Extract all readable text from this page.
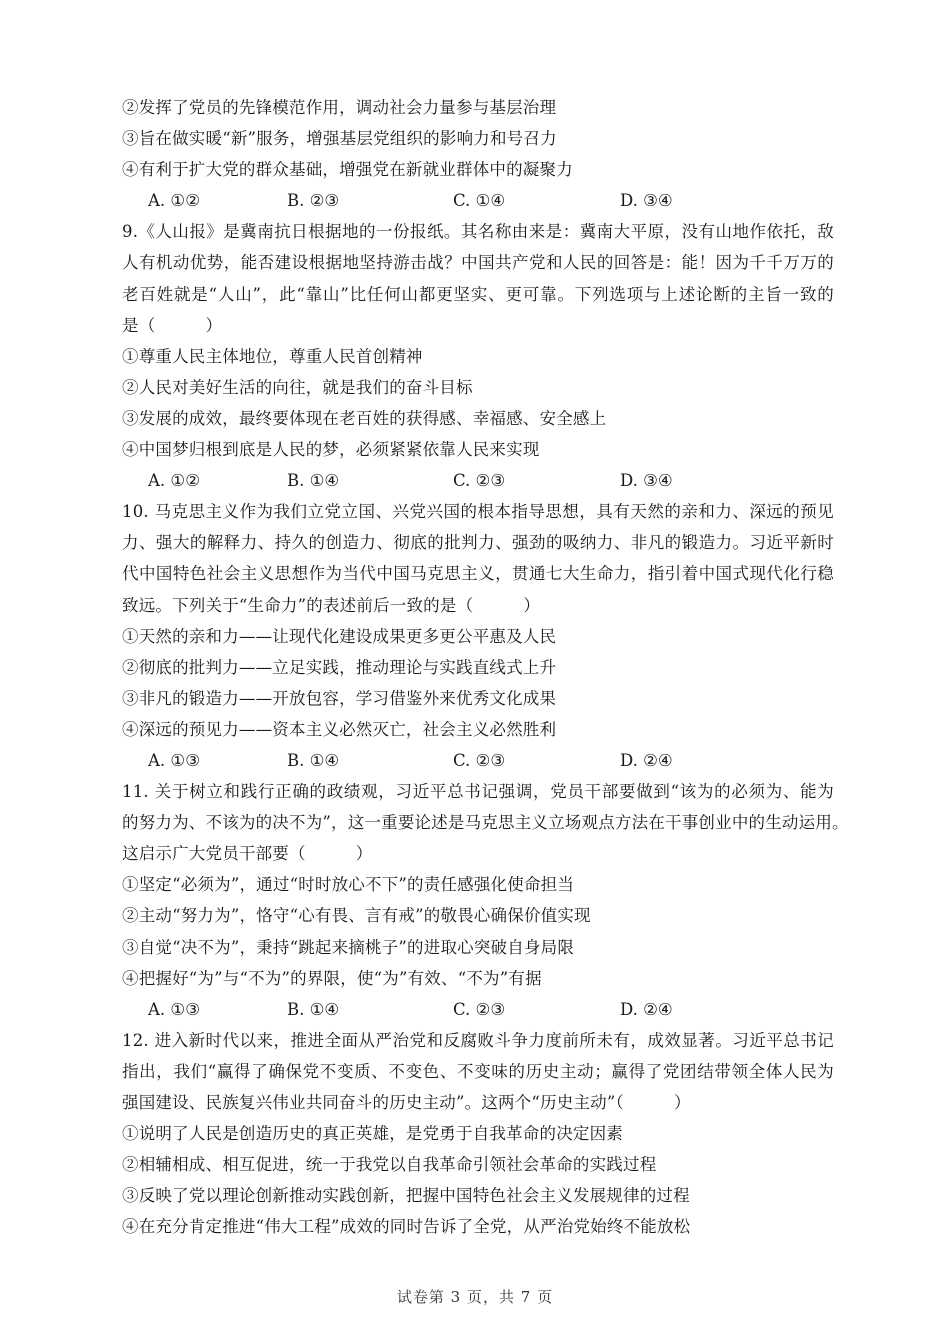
②发挥了党员的先锋模范作用，调动社会力量参与基层治理
③旨在做实暖“新”服务，增强基层党组织的影响力和号召力
④有利于扩大党的群众基础，增强党在新就业群体中的凝聚力
A. ①②	B. ②③	C. ①④	D. ③④
9.《人山报》是冀南抗日根据地的一份报纸。其名称由来是：冀南大平原，没有山地作依托，敌
人有机动优势，能否建设根据地坚持游击战？中国共产党和人民的回答是：能！因为千千万万的
老百姓就是“人山”，此“靠山”比任何山都更坚实、更可靠。下列选项与上述论断的主旨一致的
是（　　　）
①尊重人民主体地位，尊重人民首创精神
②人民对美好生活的向往，就是我们的奋斗目标
③发展的成效，最终要体现在老百姓的获得感、幸福感、安全感上
④中国梦归根到底是人民的梦，必须紧紧依靠人民来实现
A. ①②	B. ①④	C. ②③	D. ③④
10. 马克思主义作为我们立党立国、兴党兴国的根本指导思想，具有天然的亲和力、深远的预见
力、强大的解释力、持久的创造力、彻底的批判力、强劲的吸纳力、非凡的锻造力。习近平新时
代中国特色社会主义思想作为当代中国马克思主义，贯通七大生命力，指引着中国式现代化行稳
致远。下列关于“生命力”的表述前后一致的是（　　　）
①天然的亲和力——让现代化建设成果更多更公平惠及人民
②彻底的批判力——立足实践，推动理论与实践直线式上升
③非凡的锻造力——开放包容，学习借鉴外来优秀文化成果
④深远的预见力——资本主义必然灭亡，社会主义必然胜利
A. ①③	B. ①④	C. ②③	D. ②④
11. 关于树立和践行正确的政绩观，习近平总书记强调，党员干部要做到“该为的必须为、能为
的努力为、不该为的决不为”，这一重要论述是马克思主义立场观点方法在干事创业中的生动运用。
这启示广大党员干部要（　　　）
①坚定“必须为”，通过“时时放心不下”的责任感强化使命担当
②主动“努力为”，恪守“心有畏、言有戒”的敬畏心确保价值实现
③自觉“决不为”，秉持“跳起来摘桃子”的进取心突破自身局限
④把握好“为”与“不为”的界限，使“为”有效、“不为”有据
A. ①③	B. ①④	C. ②③	D. ②④
12. 进入新时代以来，推进全面从严治党和反腐败斗争力度前所未有，成效显著。习近平总书记
指出，我们“赢得了确保党不变质、不变色、不变味的历史主动；赢得了党团结带领全体人民为
强国建设、民族复兴伟业共同奋斗的历史主动”。这两个“历史主动”（　　　）
①说明了人民是创造历史的真正英雄，是党勇于自我革命的决定因素
②相辅相成、相互促进，统一于我党以自我革命引领社会革命的实践过程
③反映了党以理论创新推动实践创新，把握中国特色社会主义发展规律的过程
④在充分肯定推进“伟大工程”成效的同时告诉了全党，从严治党始终不能放松
试卷第 3 页，共 7 页
